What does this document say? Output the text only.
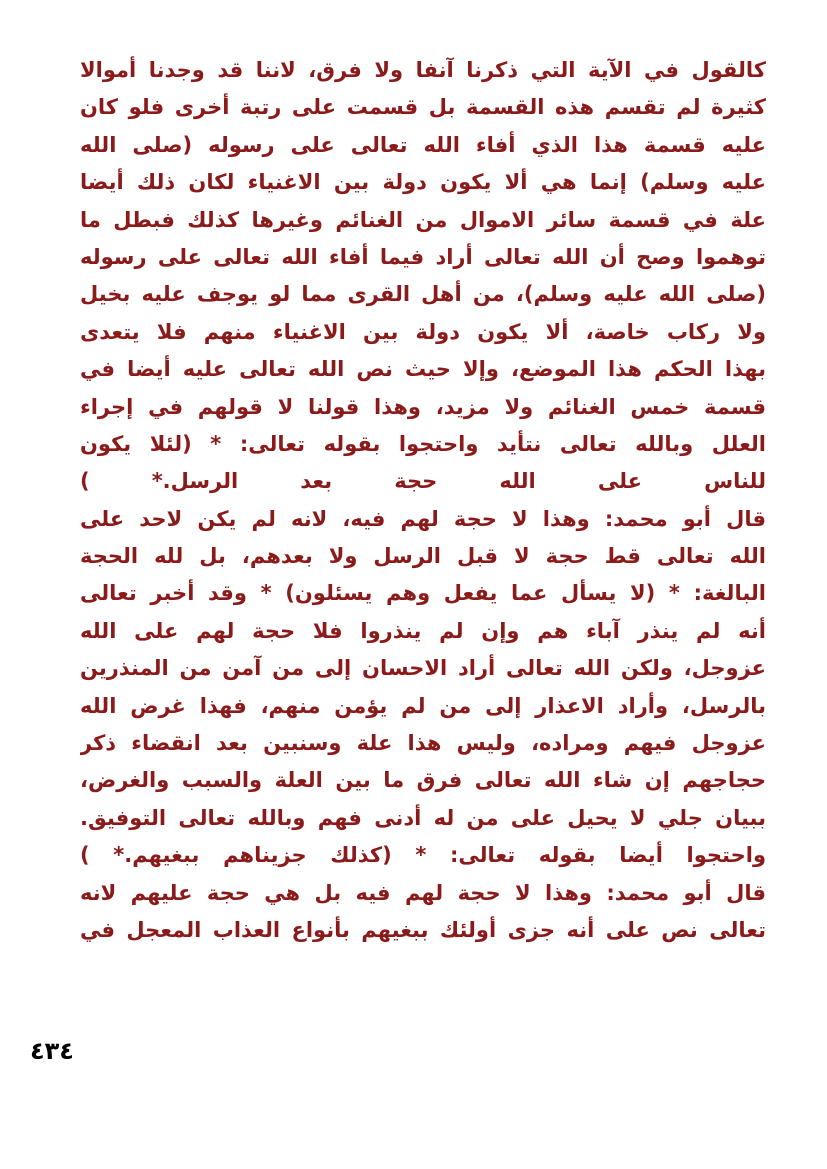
كالقول في الآية التي ذكرنا آنفا ولا فرق، لاننا قد وجدنا أموالا
كثيرة لم تقسم هذه القسمة بل قسمت على رتبة أخرى فلو كان
عليه قسمة هذا الذي أفاء الله تعالى على رسوله (صلى الله
عليه وسلم) إنما هي ألا يكون دولة بين الاغنياء لكان ذلك أيضا
علة في قسمة سائر الاموال من الغنائم وغيرها كذلك فبطل ما
توهموا وصح أن الله تعالى أراد فيما أفاء الله تعالى على رسوله
(صلى الله عليه وسلم)، من أهل القرى مما لو يوجف عليه بخيل
ولا ركاب خاصة، ألا يكون دولة بين الاغنياء منهم فلا يتعدى
بهذا الحكم هذا الموضع، وإلا حيث نص الله تعالى عليه أيضا في
قسمة خمس الغنائم ولا مزيد، وهذا قولنا لا قولهم في إجراء
العلل وبالله تعالى نتأيد واحتجوا بقوله تعالى: * (لئلا يكون
للناس على الله حجة بعد الرسل.* )
قال أبو محمد: وهذا لا حجة لهم فيه، لانه لم يكن لاحد على
الله تعالى قط حجة لا قبل الرسل ولا بعدهم، بل لله الحجة
البالغة: * (لا يسأل عما يفعل وهم يسئلون) * وقد أخبر تعالى
أنه لم ينذر آباء هم وإن لم ينذروا فلا حجة لهم على الله
عزوجل، ولكن الله تعالى أراد الاحسان إلى من آمن من المنذرين
بالرسل، وأراد الاعذار إلى من لم يؤمن منهم، فهذا غرض الله
عزوجل فيهم ومراده، وليس هذا علة وسنبين بعد انقضاء ذكر
حجاجهم إن شاء الله تعالى فرق ما بين العلة والسبب والغرض،
ببيان جلي لا يحيل على من له أدنى فهم وبالله تعالى التوفيق.
واحتجوا أيضا بقوله تعالى: * (كذلك جزيناهم ببغيهم.* )
قال أبو محمد: وهذا لا حجة لهم فيه بل هي حجة عليهم لانه
تعالى نص على أنه جزى أولئك ببغيهم بأنواع العذاب المعجل في
٤٣٤
